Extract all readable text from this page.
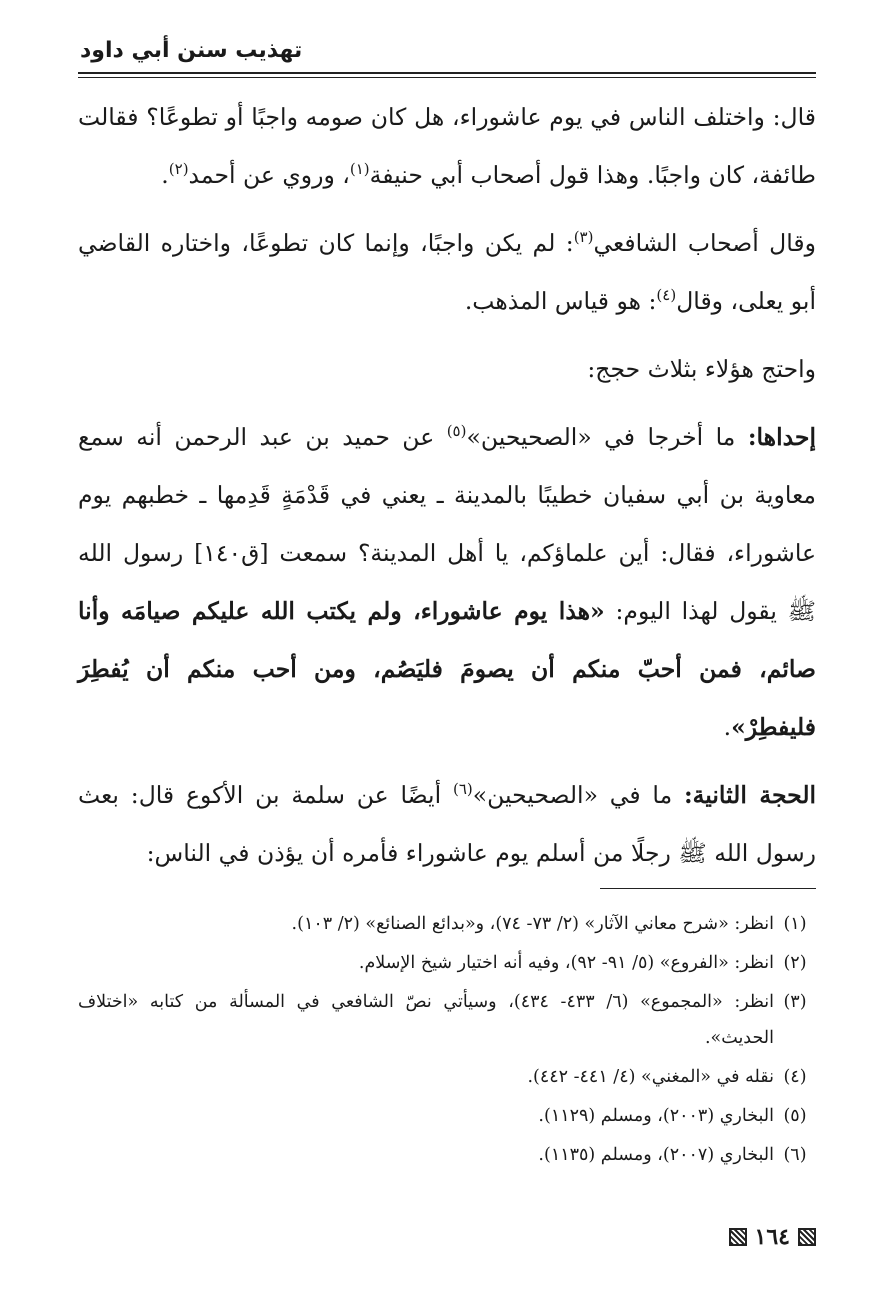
تهذيب سنن أبي داود

قال: واختلف الناس في يوم عاشوراء، هل كان صومه واجبًا أو تطوعًا؟ فقالت طائفة، كان واجبًا. وهذا قول أصحاب أبي حنيفة$^{(١)}$، وروي عن أحمد$^{(٢)}$.

وقال أصحاب الشافعي$^{(٣)}$: لم يكن واجبًا، وإنما كان تطوعًا، واختاره القاضي أبو يعلى، وقال$^{(٤)}$: هو قياس المذهب.

واحتج هؤلاء بثلاث حجج:

إحداها: ما أخرجا في «الصحيحين»$^{(٥)}$ عن حميد بن عبد الرحمن أنه سمع معاوية بن أبي سفيان خطيبًا بالمدينة ـ يعني في قَدْمَةٍ قَدِمها ـ خطبهم يوم عاشوراء، فقال: أين علماؤكم، يا أهل المدينة؟ سمعت [ق١٤٠] رسول الله ﷺ يقول لهذا اليوم: «هذا يوم عاشوراء، ولم يكتب الله عليكم صيامَه وأنا صائم، فمن أحبّ منكم أن يصومَ فليَصُم، ومن أحب منكم أن يُفطِرَ فليفطِرْ».

الحجة الثانية: ما في «الصحيحين»$^{(٦)}$ أيضًا عن سلمة بن الأكوع قال: بعث رسول الله ﷺ رجلًا من أسلم يوم عاشوراء فأمره أن يؤذن في الناس:

(١)
انظر: «شرح معاني الآثار» (٢/ ٧٣- ٧٤)، و«بدائع الصنائع» (٢/ ١٠٣).
(٢)
انظر: «الفروع» (٥/ ٩١- ٩٢)، وفيه أنه اختيار شيخ الإسلام.
(٣)
انظر: «المجموع» (٦/ ٤٣٣- ٤٣٤)، وسيأتي نصّ الشافعي في المسألة من كتابه «اختلاف الحديث».
(٤)
نقله في «المغني» (٤/ ٤٤١- ٤٤٢).
(٥)
البخاري (٢٠٠٣)، ومسلم (١١٢٩).
(٦)
البخاري (٢٠٠٧)، ومسلم (١١٣٥).
١٦٤
